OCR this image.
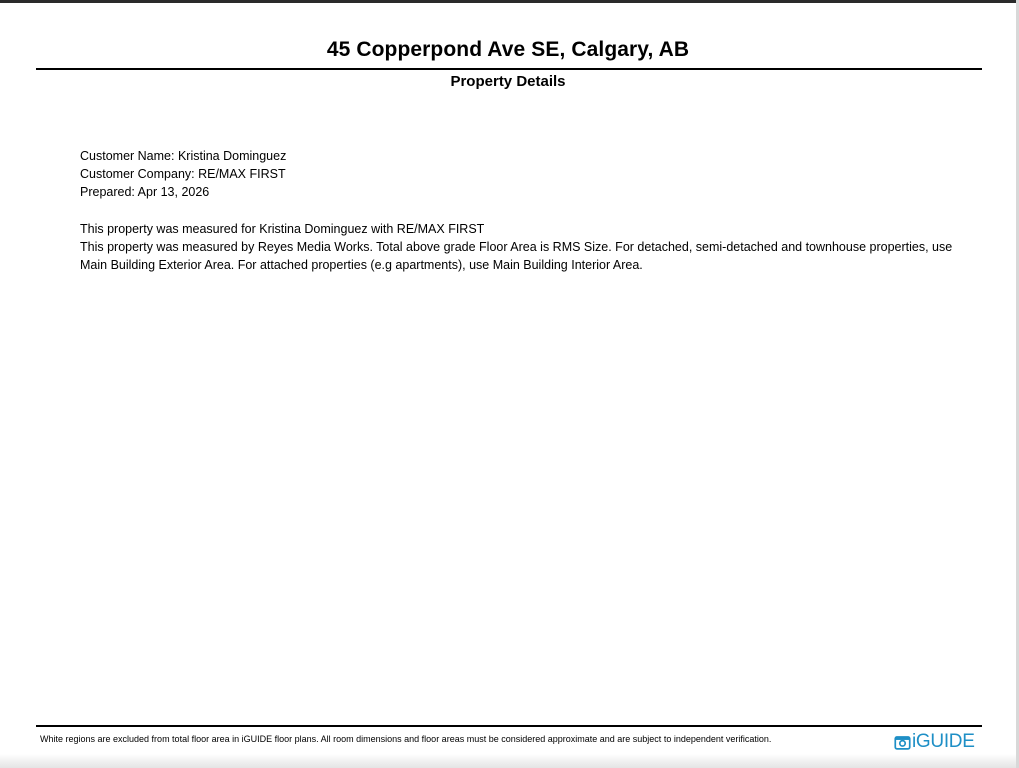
45 Copperpond Ave SE, Calgary, AB
Property Details
Customer Name: Kristina Dominguez
Customer Company: RE/MAX FIRST
Prepared: Apr 13, 2026
This property was measured for Kristina Dominguez with RE/MAX FIRST
This property was measured by Reyes Media Works. Total above grade Floor Area is RMS Size. For detached, semi-detached and townhouse properties, use
Main Building Exterior Area. For attached properties (e.g apartments), use Main Building Interior Area.
White regions are excluded from total floor area in iGUIDE floor plans. All room dimensions and floor areas must be considered approximate and are subject to independent verification.	iGUIDE
